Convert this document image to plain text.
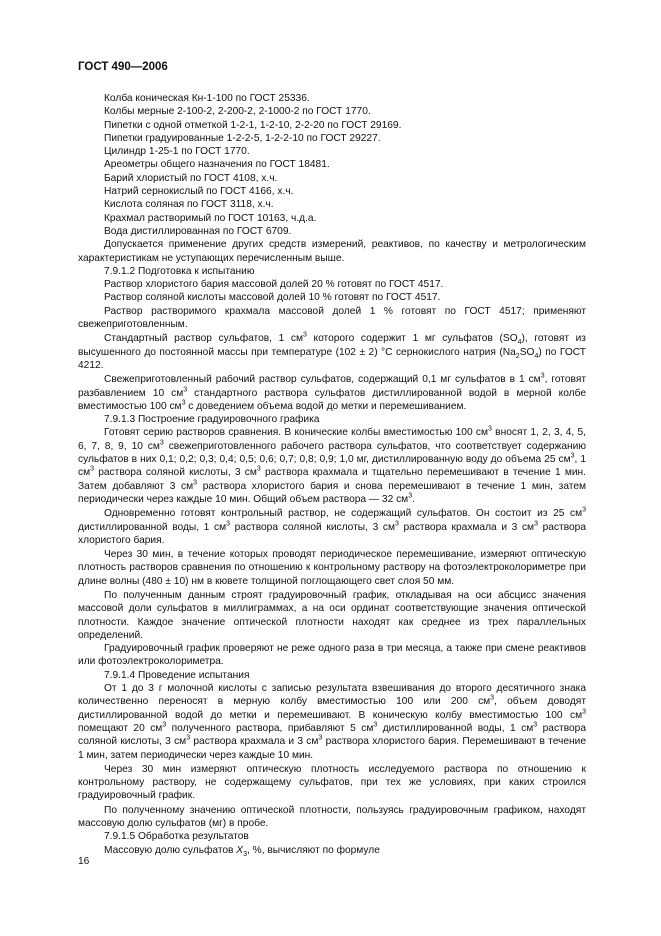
ГОСТ 490—2006
Колба коническая Кн-1-100 по ГОСТ 25336.
Колбы мерные 2-100-2, 2-200-2, 2-1000-2 по ГОСТ 1770.
Пипетки с одной отметкой 1-2-1, 1-2-10, 2-2-20 по ГОСТ 29169.
Пипетки градуированные 1-2-2-5, 1-2-2-10 по ГОСТ 29227.
Цилиндр 1-25-1 по ГОСТ 1770.
Ареометры общего назначения по ГОСТ 18481.
Барий хлористый по ГОСТ 4108, х.ч.
Натрий сернокислый по ГОСТ 4166, х.ч.
Кислота соляная по ГОСТ 3118, х.ч.
Крахмал растворимый по ГОСТ 10163, ч.д.а.
Вода дистиллированная по ГОСТ 6709.
Допускается применение других средств измерений, реактивов, по качеству и метрологическим характеристикам не уступающих перечисленным выше.
7.9.1.2 Подготовка к испытанию
Раствор хлористого бария массовой долей 20 % готовят по ГОСТ 4517.
Раствор соляной кислоты массовой долей 10 % готовят по ГОСТ 4517.
Раствор растворимого крахмала массовой долей 1 % готовят по ГОСТ 4517; применяют свежеприготовленным.
Стандартный раствор сульфатов, 1 $см^3$ которого содержит 1 мг сульфатов $(SO_4)$, готовят из высушенного до постоянной массы при температуре (102 ± 2) °С сернокислого натрия $(Na_2SO_4)$ по ГОСТ 4212.
Свежеприготовленный рабочий раствор сульфатов, содержащий 0,1 мг сульфатов в 1 $см^3$, готовят разбавлением 10 $см^3$ стандартного раствора сульфатов дистиллированной водой в мерной колбе вместимостью 100 $см^3$ с доведением объема водой до метки и перемешиванием.
7.9.1.3 Построение градуировочного графика
Готовят серию растворов сравнения. В конические колбы вместимостью 100 $см^3$ вносят 1, 2, 3, 4, 5, 6, 7, 8, 9, 10 $см^3$ свежеприготовленного рабочего раствора сульфатов, что соответствует содержанию сульфатов в них 0,1; 0,2; 0,3; 0,4; 0,5; 0,6; 0,7; 0,8; 0,9; 1,0 мг, дистиллированную воду до объема 25 $см^3$, 1 $см^3$ раствора соляной кислоты, 3 $см^3$ раствора крахмала и тщательно перемешивают в течение 1 мин. Затем добавляют 3 $см^3$ раствора хлористого бария и снова перемешивают в течение 1 мин, затем периодически через каждые 10 мин. Общий объем раствора — 32 $см^3$.
Одновременно готовят контрольный раствор, не содержащий сульфатов. Он состоит из 25 $см^3$ дистиллированной воды, 1 $см^3$ раствора соляной кислоты, 3 $см^3$ раствора крахмала и 3 $см^3$ раствора хлористого бария.
Через 30 мин, в течение которых проводят периодическое перемешивание, измеряют оптическую плотность растворов сравнения по отношению к контрольному раствору на фотоэлектроколориметре при длине волны (480 ± 10) нм в кювете толщиной поглощающего свет слоя 50 мм.
По полученным данным строят градуировочный график, откладывая на оси абсцисс значения массовой доли сульфатов в миллиграммах, а на оси ординат соответствующие значения оптической плотности. Каждое значение оптической плотности находят как среднее из трех параллельных определений.
Градуировочный график проверяют не реже одного раза в три месяца, а также при смене реактивов или фотоэлектроколориметра.
7.9.1.4 Проведение испытания
От 1 до 3 г молочной кислоты с записью результата взвешивания до второго десятичного знака количественно переносят в мерную колбу вместимостью 100 или 200 $см^3$, объем доводят дистиллированной водой до метки и перемешивают. В коническую колбу вместимостью 100 $см^3$ помещают 20 $см^3$ полученного раствора, прибавляют 5 $см^3$ дистиллированной воды, 1 $см^3$ раствора соляной кислоты, 3 $см^3$ раствора крахмала и 3 $см^3$ раствора хлористого бария. Перемешивают в течение 1 мин, затем периодически через каждые 10 мин.
Через 30 мин измеряют оптическую плотность исследуемого раствора по отношению к контрольному раствору, не содержащему сульфатов, при тех же условиях, при каких строился градуировочный график.
По полученному значению оптической плотности, пользуясь градуировочным графиком, находят массовую долю сульфатов (мг) в пробе.
7.9.1.5 Обработка результатов
Массовую долю сульфатов $X_3$, %, вычисляют по формуле
16
